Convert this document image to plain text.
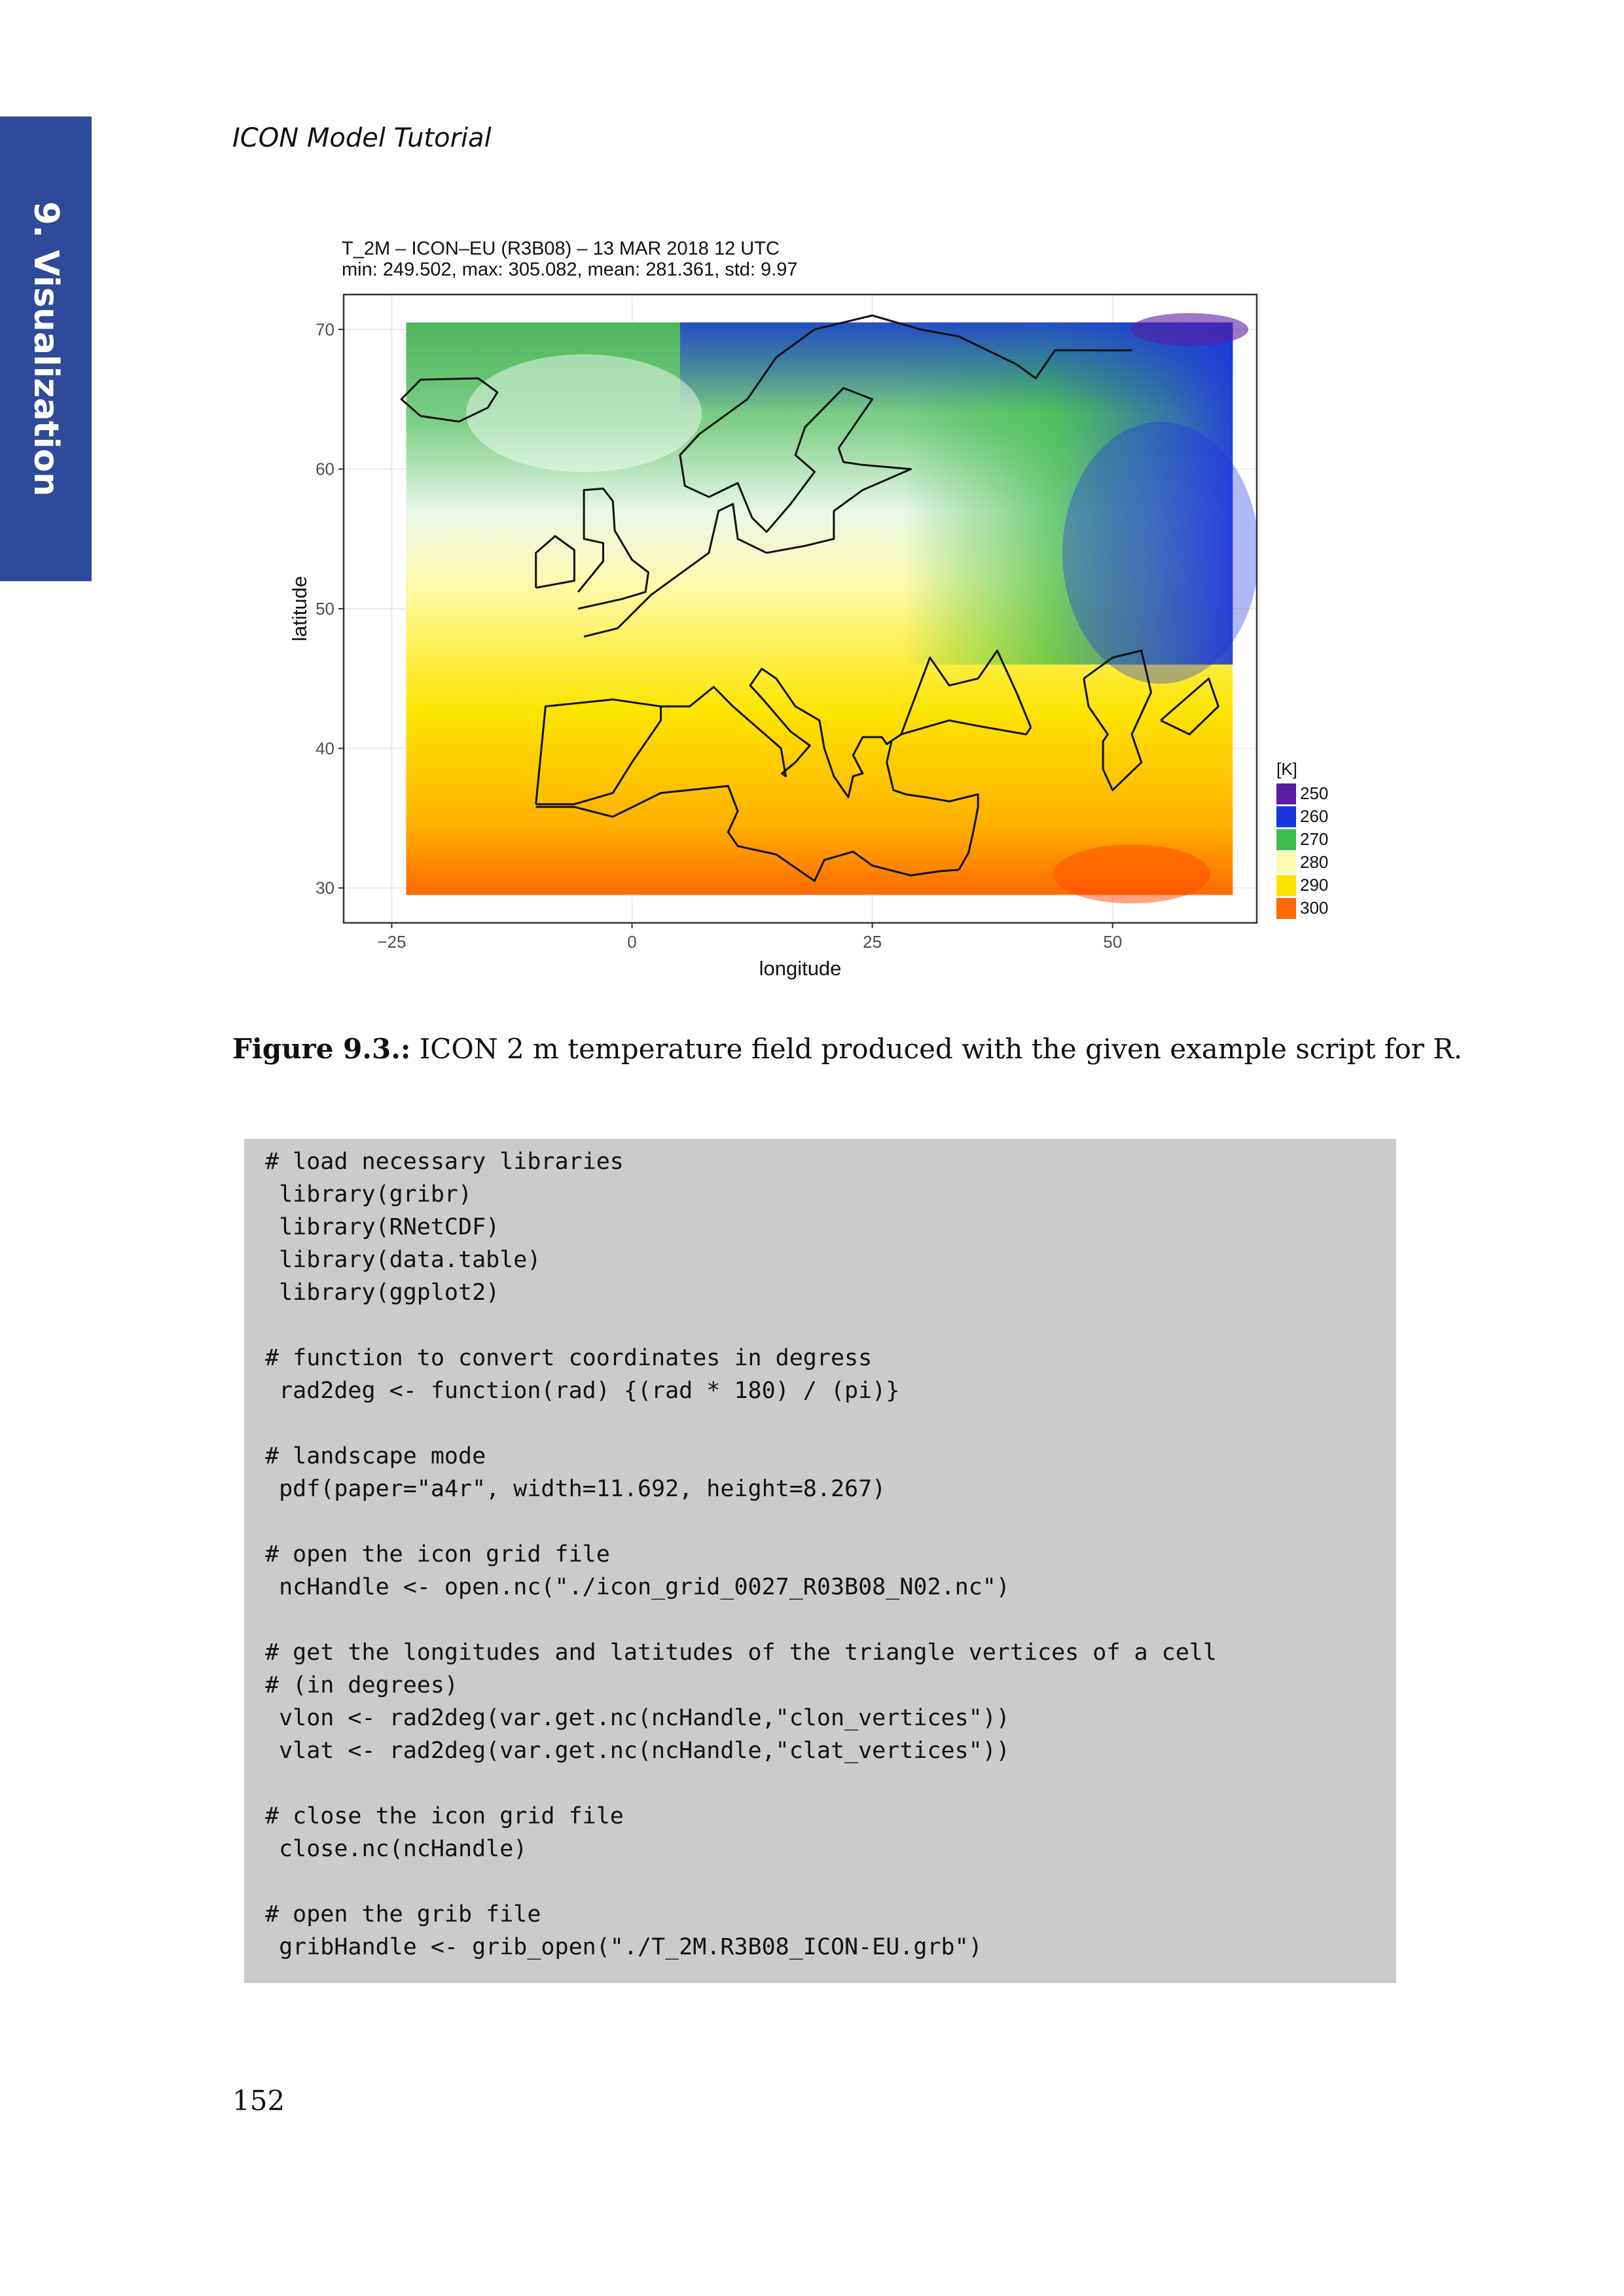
9. Visualization
ICON Model Tutorial
−25	0	25	50
30
40
50
60
70
longitude
latitude
T_2M – ICON–EU (R3B08) – 13 MAR 2018 12 UTC
min: 249.502, max: 305.082, mean: 281.361, std: 9.97
[K]
250
260
270
280
290
300
Figure 9.3.: ICON 2 m temperature field produced with the given example script for R.
# load necessary libraries
library(gribr)
library(RNetCDF)
library(data.table)
library(ggplot2)

# function to convert coordinates in degress
rad2deg <- function(rad) {(rad * 180) / (pi)}

# landscape mode
pdf(paper="a4r", width=11.692, height=8.267)

# open the icon grid file
ncHandle <- open.nc("./icon_grid_0027_R03B08_N02.nc")

# get the longitudes and latitudes of the triangle vertices of a cell
# (in degrees)
vlon <- rad2deg(var.get.nc(ncHandle,"clon_vertices"))
vlat <- rad2deg(var.get.nc(ncHandle,"clat_vertices"))

# close the icon grid file
close.nc(ncHandle)

# open the grib file
gribHandle <- grib_open("./T_2M.R3B08_ICON-EU.grb")
152
